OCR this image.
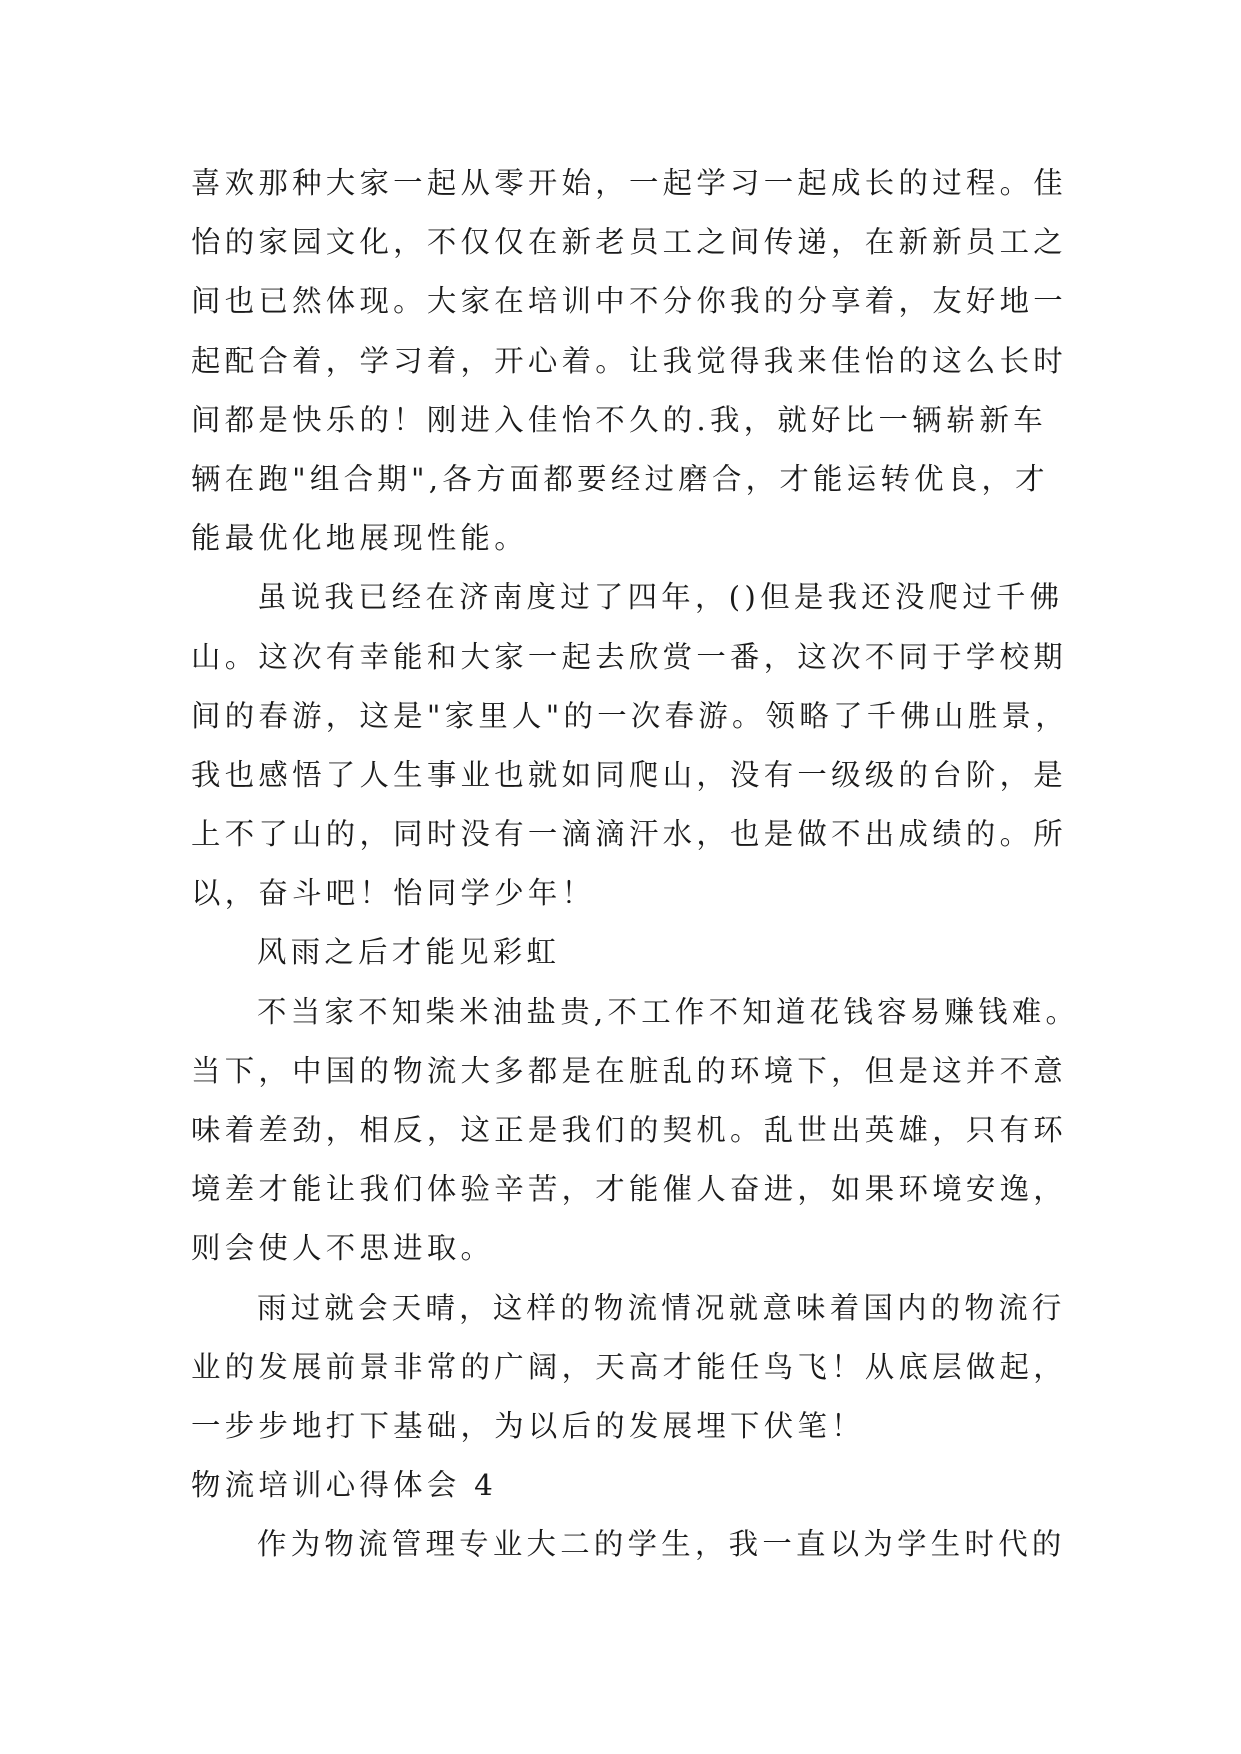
喜欢那种大家一起从零开始，一起学习一起成长的过程。佳
怡的家园文化，不仅仅在新老员工之间传递，在新新员工之
间也已然体现。大家在培训中不分你我的分享着，友好地一
起配合着，学习着，开心着。让我觉得我来佳怡的这么长时
间都是快乐的！刚进入佳怡不久的.我，就好比一辆崭新车
辆在跑"组合期",各方面都要经过磨合，才能运转优良，才
能最优化地展现性能。
虽说我已经在济南度过了四年，()但是我还没爬过千佛
山。这次有幸能和大家一起去欣赏一番，这次不同于学校期
间的春游，这是"家里人"的一次春游。领略了千佛山胜景，
我也感悟了人生事业也就如同爬山，没有一级级的台阶，是
上不了山的，同时没有一滴滴汗水，也是做不出成绩的。所
以，奋斗吧！怡同学少年！
风雨之后才能见彩虹
不当家不知柴米油盐贵,不工作不知道花钱容易赚钱难。
当下，中国的物流大多都是在脏乱的环境下，但是这并不意
味着差劲，相反，这正是我们的契机。乱世出英雄，只有环
境差才能让我们体验辛苦，才能催人奋进，如果环境安逸，
则会使人不思进取。
雨过就会天晴，这样的物流情况就意味着国内的物流行
业的发展前景非常的广阔，天高才能任鸟飞！从底层做起，
一步步地打下基础，为以后的发展埋下伏笔！
物流培训心得体会 4
作为物流管理专业大二的学生，我一直以为学生时代的
